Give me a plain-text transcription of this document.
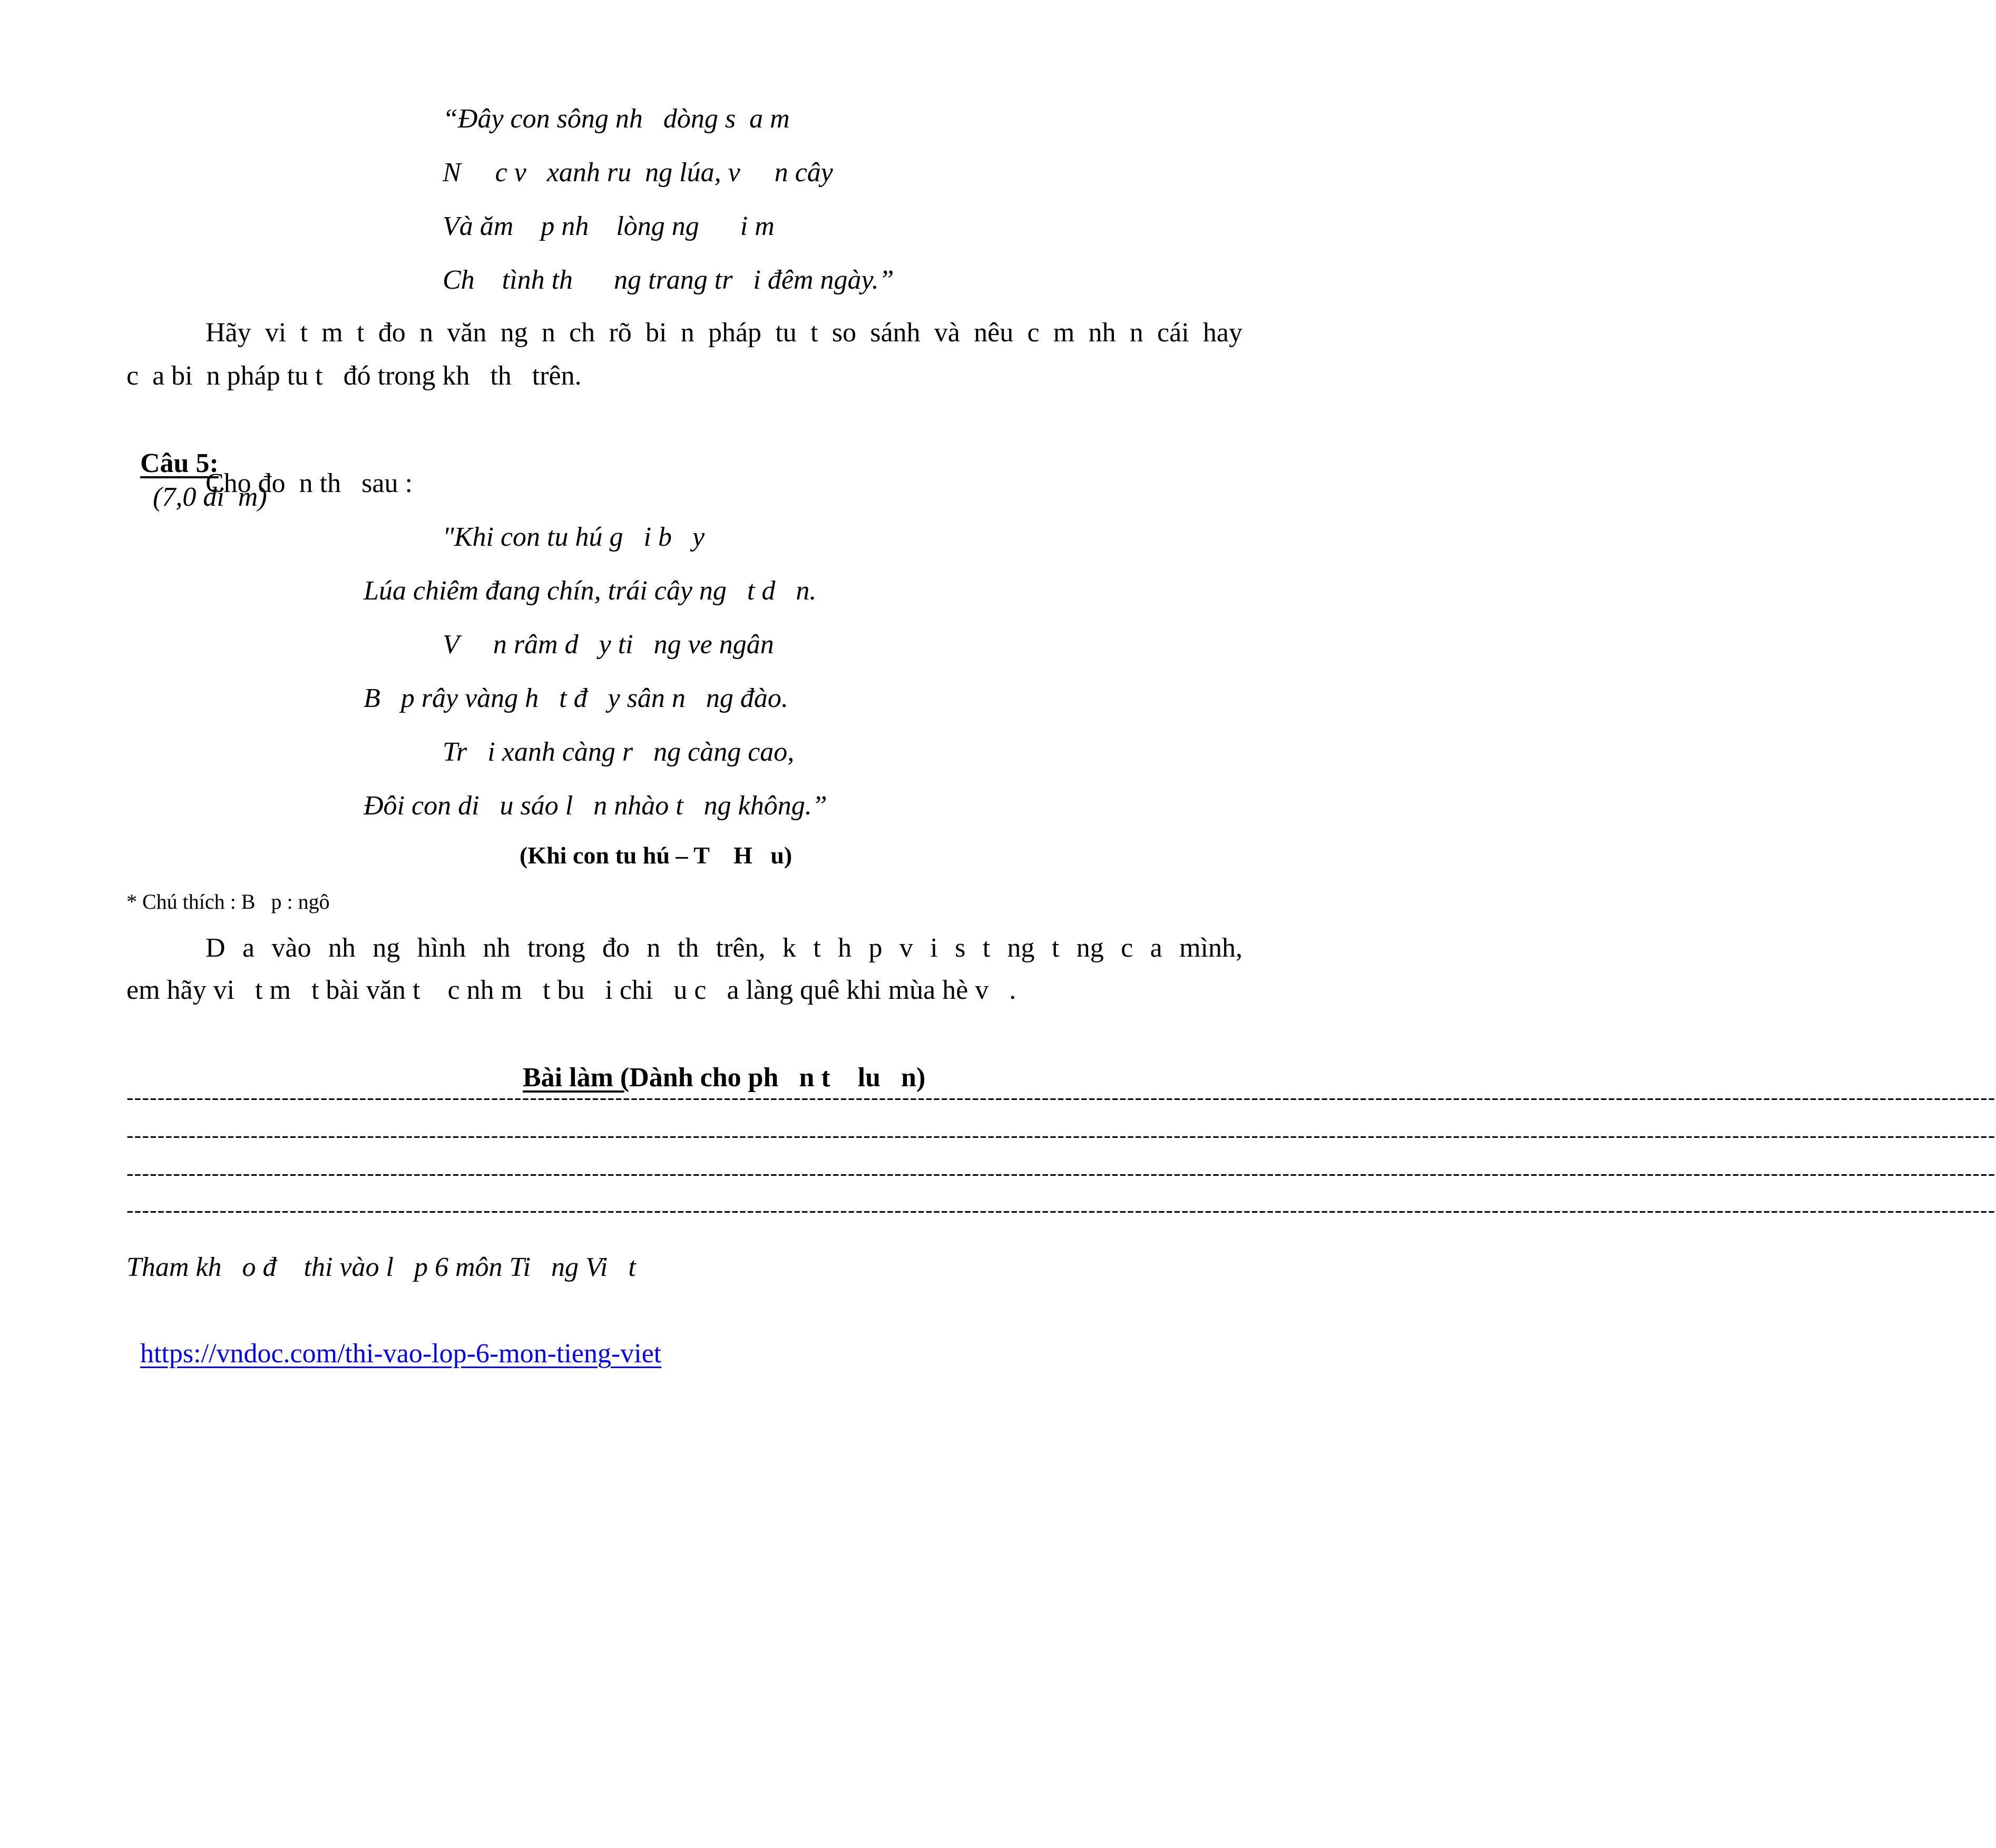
“Đây con sông nh   dòng s  a m
N     c v   xanh ru  ng lúa, v     n cây
Và ăm    p nh    lòng ng      i m
Ch    tình th      ng trang tr   i đêm ngày.”
Hãy vi t m t đo n văn ng n ch rõ bi n pháp tu t so sánh và nêu c m nh n cái hay
c  a bi  n pháp tu t   đó trong kh   th   trên.

Câu 5:
(7,0 đi  m)

Cho đo  n th   sau :
"Khi con tu hú g   i b   y
Lúa chiêm đang chín, trái cây ng   t d   n.
V     n râm d   y ti   ng ve ngân
B   p rây vàng h   t đ   y sân n   ng đào.
Tr   i xanh càng r   ng càng cao,
Đôi con di   u sáo l   n nhào t   ng không.”
(Khi con tu hú – T    H   u)
* Chú thích : B   p : ngô
D a vào nh ng hình nh trong đo n th trên, k t h p v i s t ng t ng c a mình,
em hãy vi   t m   t bài văn t    c nh m   t bu   i chi   u c   a làng quê khi mùa hè v   .

Bài làm (Dành cho ph   n t    lu   n)

-------------------------------------------------------------------------------------------------------------------------------------------------------------------------------------------------------------------------------------------------
-------------------------------------------------------------------------------------------------------------------------------------------------------------------------------------------------------------------------------------------------
-------------------------------------------------------------------------------------------------------------------------------------------------------------------------------------------------------------------------------------------------
-------------------------------------------------------------------------------------------------------------------------------------------------------------------------------------------------------------------------------------------------
Tham kh   o đ    thi vào l   p 6 môn Ti   ng Vi   t

https://vndoc.com/thi-vao-lop-6-mon-tieng-viet
